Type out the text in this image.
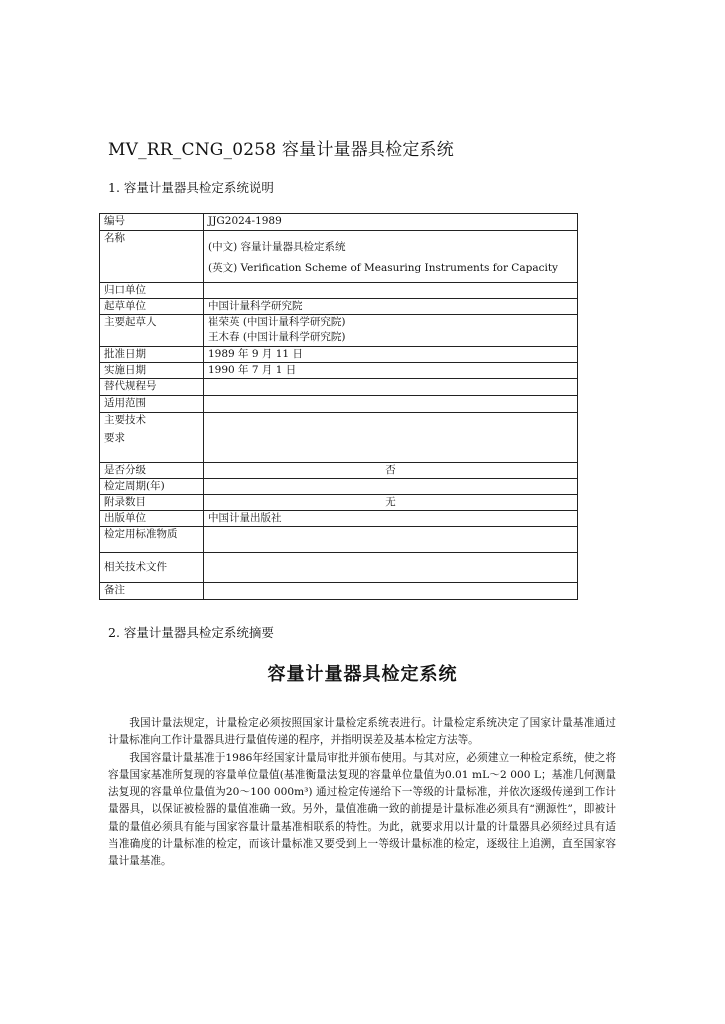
MV_RR_CNG_0258 容量计量器具检定系统
1. 容量计量器具检定系统说明
编号	JJG2024-1989
名称	(中文) 容量计量器具检定系统
(英文) Verification Scheme of Measuring Instruments for Capacity

归口单位	
起草单位	中国计量科学研究院
主要起草人	崔荣英 (中国计量科学研究院)
王木春 (中国计量科学研究院)

批准日期	1989 年 9 月 11 日
实施日期	1990 年 7 月 1 日
替代规程号	
适用范围	

主要技术
要求	

是否分级	否
检定周期(年)	
附录数目	无
出版单位	中国计量出版社
检定用标准物质	
相关技术文件	
备注	
2. 容量计量器具检定系统摘要
容量计量器具检定系统

我国计量法规定，计量检定必须按照国家计量检定系统表进行。计量检定系统决定了国家计量基准通过计量标准向工作计量器具进行量值传递的程序，并指明误差及基本检定方法等。

我国容量计量基准于1986年经国家计量局审批并颁布使用。与其对应，必须建立一种检定系统，使之将容量国家基准所复现的容量单位量值(基准衡量法复现的容量单位量值为0.01 mL～2 000 L；基准几何测量法复现的容量单位量值为20～100 000m³) 通过检定传递给下一等级的计量标准，并依次逐级传递到工作计量器具，以保证被检器的量值准确一致。另外，量值准确一致的前提是计量标准必须具有“溯源性”，即被计量的量值必须具有能与国家容量计量基准相联系的特性。为此，就要求用以计量的计量器具必须经过具有适当准确度的计量标准的检定，而该计量标准又要受到上一等级计量标准的检定，逐级往上追溯，直至国家容量计量基准。
